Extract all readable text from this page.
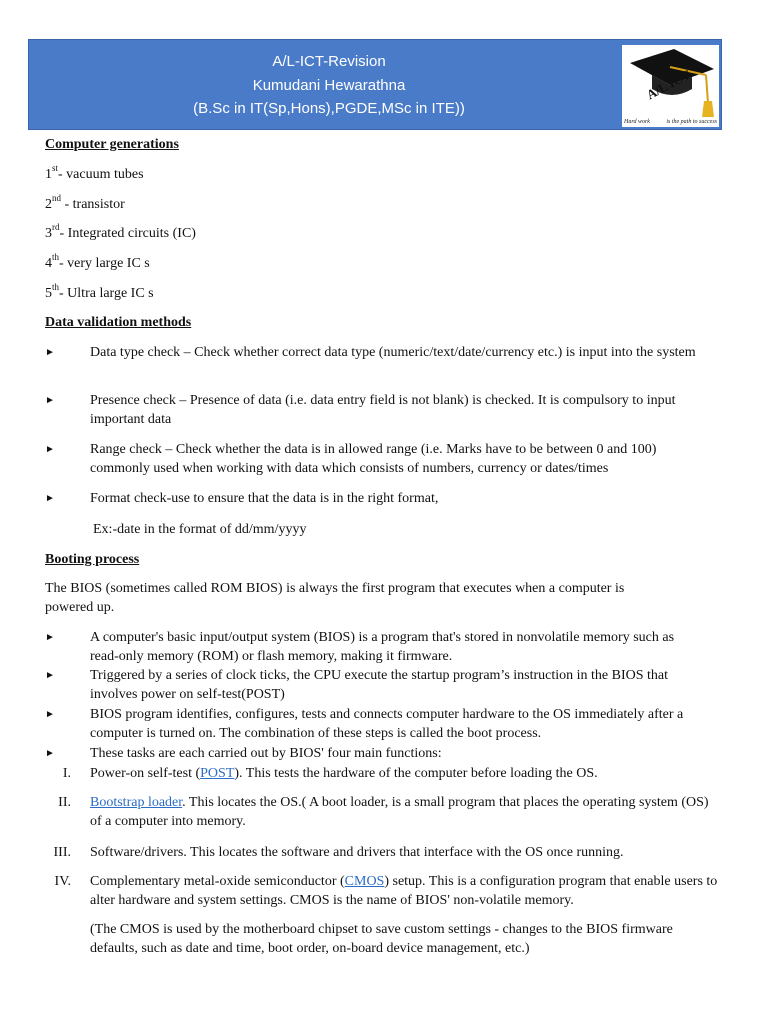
A/L-ICT-Revision
Kumudani Hewarathna
(B.Sc in IT(Sp,Hons),PGDE,MSc in ITE))
A/L ICT
Hard work	is the path to success
Computer generations
1st- vacuum tubes
2nd - transistor
3rd- Integrated circuits (IC)
4th- very large IC s
5th- Ultra large IC s
Data validation methods
►	Data type check – Check whether correct data type (numeric/text/date/currency etc.) is input into the system
►	Presence check – Presence of data (i.e. data entry field is not blank) is checked. It is compulsory to input important data
►	Range check – Check whether the data is in allowed range (i.e. Marks have to be between 0 and 100) commonly used when working with data which consists of numbers, currency or dates/times
►	Format check-use to ensure that the data is in the right format,
Ex:-date in the format of dd/mm/yyyy
Booting process
The BIOS (sometimes called ROM BIOS) is always the first program that executes when a computer is powered up.
►	A computer's basic input/output system (BIOS) is a program that's stored in nonvolatile memory such as read-only memory (ROM) or flash memory, making it firmware.
►	Triggered by a series of clock ticks, the CPU execute the startup program’s instruction in the BIOS that involves power on self-test(POST)
►	BIOS program identifies, configures, tests and connects computer hardware to the OS immediately after a computer is turned on. The combination of these steps is called the boot process.
►	These tasks are each carried out by BIOS' four main functions:
I. Power-on self-test (POST). This tests the hardware of the computer before loading the OS.
II. Bootstrap loader. This locates the OS.( A boot loader, is a small program that places the operating system (OS) of a computer into memory.
III. Software/drivers. This locates the software and drivers that interface with the OS once running.
IV. Complementary metal-oxide semiconductor (CMOS) setup. This is a configuration program that enable users to alter hardware and system settings. CMOS is the name of BIOS' non-volatile memory.
(The CMOS is used by the motherboard chipset to save custom settings - changes to the BIOS firmware defaults, such as date and time, boot order, on-board device management, etc.)
